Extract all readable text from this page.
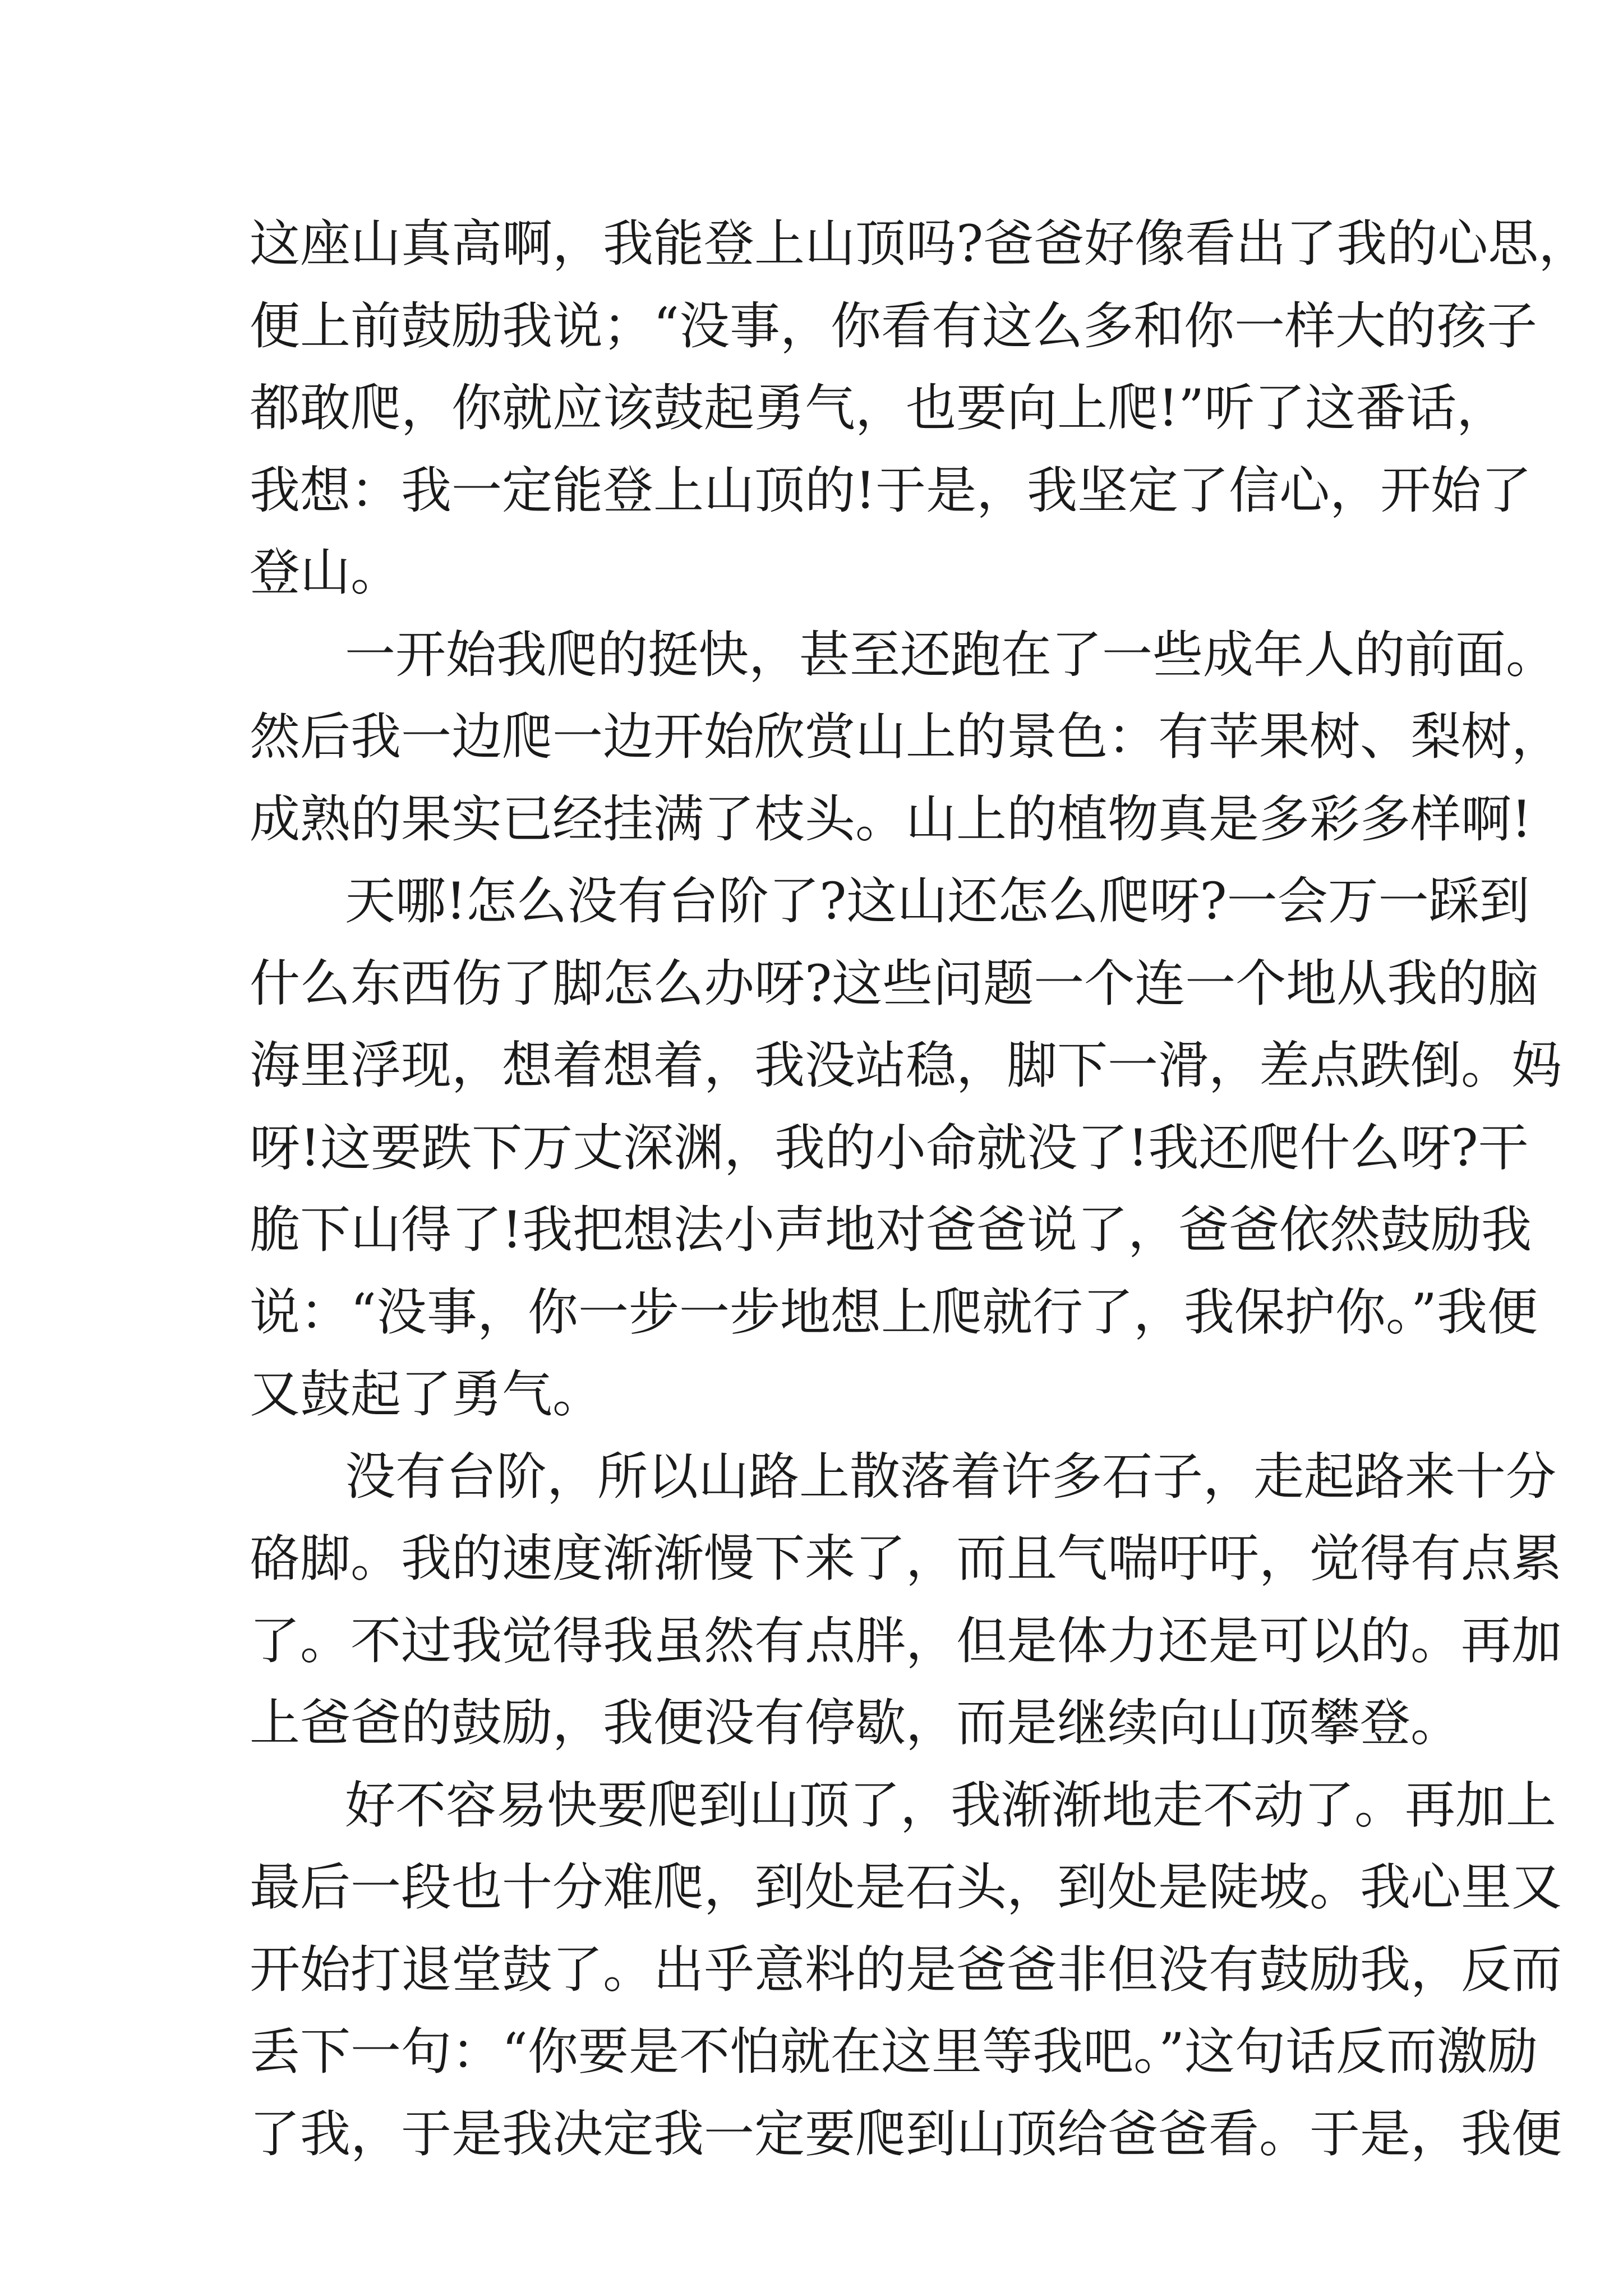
这座山真高啊，我能登上山顶吗?爸爸好像看出了我的心思，
便上前鼓励我说；“没事，你看有这么多和你一样大的孩子
都敢爬，你就应该鼓起勇气，也要向上爬!”听了这番话，
我想：我一定能登上山顶的!于是，我坚定了信心，开始了
登山。
一开始我爬的挺快，甚至还跑在了一些成年人的前面。
然后我一边爬一边开始欣赏山上的景色：有苹果树、梨树，
成熟的果实已经挂满了枝头。山上的植物真是多彩多样啊!
天哪!怎么没有台阶了?这山还怎么爬呀?一会万一踩到
什么东西伤了脚怎么办呀?这些问题一个连一个地从我的脑
海里浮现，想着想着，我没站稳，脚下一滑，差点跌倒。妈
呀!这要跌下万丈深渊，我的小命就没了!我还爬什么呀?干
脆下山得了!我把想法小声地对爸爸说了，爸爸依然鼓励我
说：“没事，你一步一步地想上爬就行了，我保护你。”我便
又鼓起了勇气。
没有台阶，所以山路上散落着许多石子，走起路来十分
硌脚。我的速度渐渐慢下来了，而且气喘吁吁，觉得有点累
了。不过我觉得我虽然有点胖，但是体力还是可以的。再加
上爸爸的鼓励，我便没有停歇，而是继续向山顶攀登。
好不容易快要爬到山顶了，我渐渐地走不动了。再加上
最后一段也十分难爬，到处是石头，到处是陡坡。我心里又
开始打退堂鼓了。出乎意料的是爸爸非但没有鼓励我，反而
丢下一句：“你要是不怕就在这里等我吧。”这句话反而激励
了我，于是我决定我一定要爬到山顶给爸爸看。于是，我便
